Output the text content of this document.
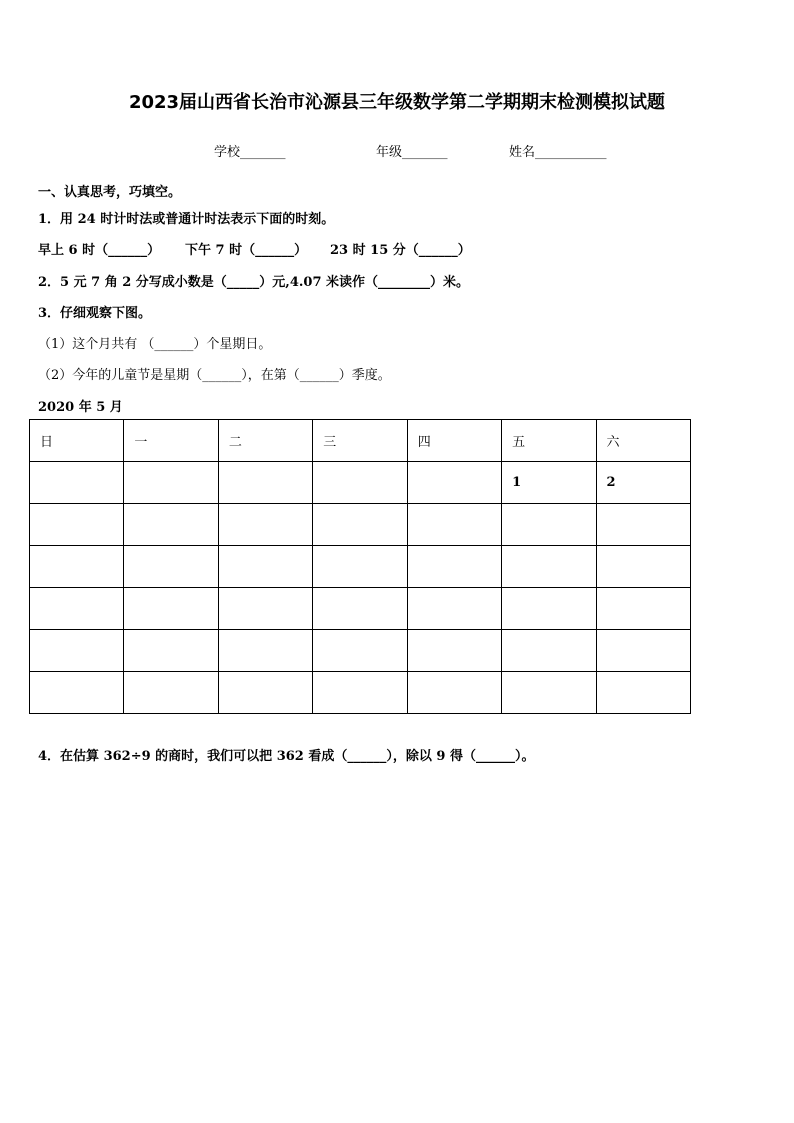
2023届山西省长治市沁源县三年级数学第二学期期末检测模拟试题
学校_______	年级_______	姓名___________
一、认真思考，巧填空。
1．用 24 时计时法或普通计时法表示下面的时刻。
早上 6 时（______） 下午 7 时（______） 23 时 15 分（______）
2．5 元 7 角 2 分写成小数是（_____）元,4.07 米读作（________）米。
3．仔细观察下图。
（1）这个月共有 （______）个星期日。
（2）今年的儿童节是星期（______），在第（______）季度。
2020 年 5 月
日	一	二	三	四	五	六
					1	2

4．在估算 362÷9 的商时，我们可以把 362 看成（______），除以 9 得（______）。
